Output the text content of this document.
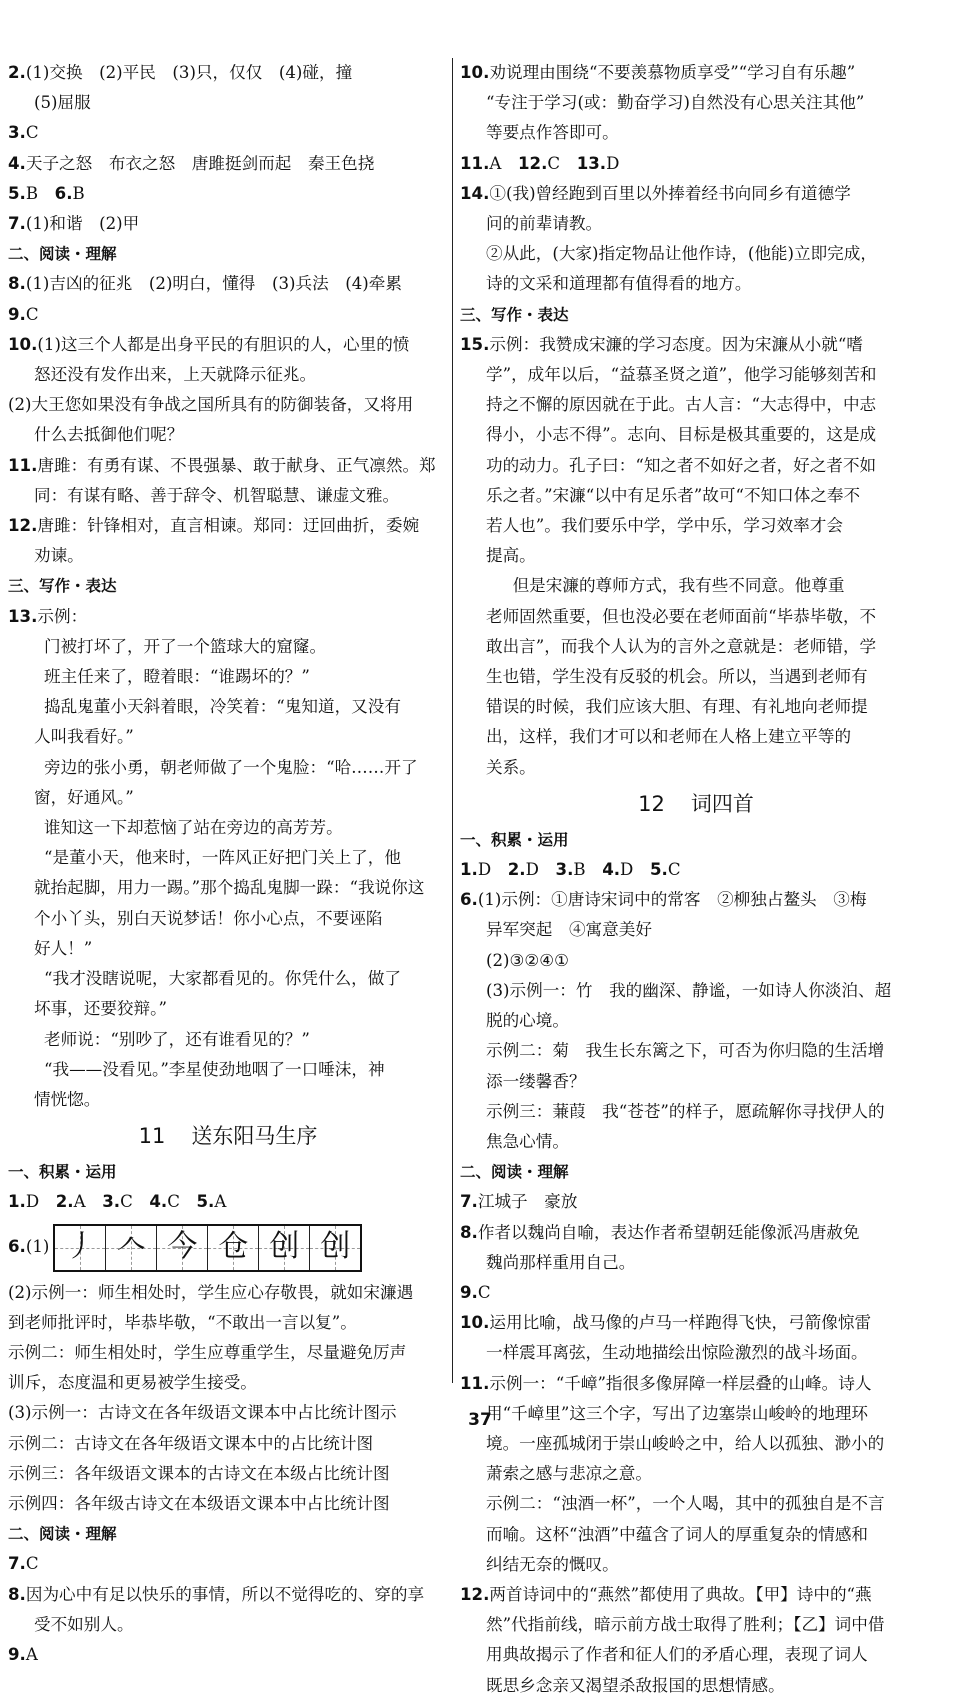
2.(1)交换　(2)平民　(3)只，仅仅　(4)碰，撞
(5)屈服
3.C
4.天子之怒　布衣之怒　唐雎挺剑而起　秦王色挠
5.B　6.B
7.(1)和谐　(2)甲
二、阅读・理解
8.(1)吉凶的征兆　(2)明白，懂得　(3)兵法　(4)牵累
9.C
10.(1)这三个人都是出身平民的有胆识的人，心里的愤
怒还没有发作出来，上天就降示征兆。
(2)大王您如果没有争战之国所具有的防御装备，又将用
什么去抵御他们呢？
11.唐雎：有勇有谋、不畏强暴、敢于献身、正气凛然。郑
同：有谋有略、善于辞令、机智聪慧、谦虚文雅。
12.唐雎：针锋相对，直言相谏。郑同：迂回曲折，委婉
劝谏。
三、写作・表达
13.示例：
门被打坏了，开了一个篮球大的窟窿。
班主任来了，瞪着眼：“谁踢坏的？”
捣乱鬼董小天斜着眼，冷笑着：“鬼知道，又没有
人叫我看好。”
旁边的张小勇，朝老师做了一个鬼脸：“哈……开了
窗，好通风。”
谁知这一下却惹恼了站在旁边的高芳芳。
“是董小天，他来时，一阵风正好把门关上了，他
就抬起脚，用力一踢。”那个捣乱鬼脚一跺：“我说你这
个小丫头，别白天说梦话！你小心点，不要诬陷
好人！”
“我才没瞎说呢，大家都看见的。你凭什么，做了
坏事，还要狡辩。”
老师说：“别吵了，还有谁看见的？”
“我——没看见。”李星使劲地咽了一口唾沫，神
情恍惚。
11 送东阳马生序
一、积累・运用
1.D　 2.A　 3.C　 4.C　 5.A
6. (1) 丿 𠆢 今 仓 创 创
(2)示例一：师生相处时，学生应心存敬畏，就如宋濂遇
到老师批评时，毕恭毕敬，“不敢出一言以复”。
示例二：师生相处时，学生应尊重学生，尽量避免厉声
训斥，态度温和更易被学生接受。
(3)示例一：古诗文在各年级语文课本中占比统计图示
示例二：古诗文在各年级语文课本中的占比统计图
示例三：各年级语文课本的古诗文在本级占比统计图
示例四：各年级古诗文在本级语文课本中占比统计图
二、阅读・理解
7.C
8.因为心中有足以快乐的事情，所以不觉得吃的、穿的享
受不如别人。
9.A
10.劝说理由围绕“不要羡慕物质享受”“学习自有乐趣”
“专注于学习(或：勤奋学习)自然没有心思关注其他”
等要点作答即可。
11.A　 12.C　 13.D
14.①(我)曾经跑到百里以外捧着经书向同乡有道德学
问的前辈请教。
②从此，(大家)指定物品让他作诗，(他能)立即完成，
诗的文采和道理都有值得看的地方。
三、写作・表达
15.示例：我赞成宋濂的学习态度。因为宋濂从小就“嗜
学”，成年以后，“益慕圣贤之道”，他学习能够刻苦和
持之不懈的原因就在于此。古人言：“大志得中，中志
得小，小志不得”。志向、目标是极其重要的，这是成
功的动力。孔子曰：“知之者不如好之者，好之者不如
乐之者。”宋濂“以中有足乐者”故可“不知口体之奉不
若人也”。我们要乐中学，学中乐，学习效率才会
提高。
　但是宋濂的尊师方式，我有些不同意。他尊重
老师固然重要，但也没必要在老师面前“毕恭毕敬，不
敢出言”，而我个人认为的言外之意就是：老师错，学
生也错，学生没有反驳的机会。所以，当遇到老师有
错误的时候，我们应该大胆、有理、有礼地向老师提
出，这样，我们才可以和老师在人格上建立平等的
关系。
12 词四首
一、积累・运用
1.D　 2.D　 3.B　 4.D　 5.C
6.(1)示例：①唐诗宋词中的常客　②柳独占鳌头　③梅
异军突起　④寓意美好
(2)③②④①
(3)示例一：竹　我的幽深、静谧，一如诗人你淡泊、超
脱的心境。
示例二：菊　我生长东篱之下，可否为你归隐的生活增
添一缕馨香？
示例三：蒹葭　我“苍苍”的样子，愿疏解你寻找伊人的
焦急心情。
二、阅读・理解
7.江城子　豪放
8.作者以魏尚自喻，表达作者希望朝廷能像派冯唐赦免
魏尚那样重用自己。
9.C
10.运用比喻，战马像的卢马一样跑得飞快，弓箭像惊雷
一样震耳离弦，生动地描绘出惊险激烈的战斗场面。
11.示例一：“千嶂”指很多像屏障一样层叠的山峰。诗人
用“千嶂里”这三个字，写出了边塞崇山峻岭的地理环
境。一座孤城闭于崇山峻岭之中，给人以孤独、渺小的
萧索之感与悲凉之意。
示例二：“浊酒一杯”，一个人喝，其中的孤独自是不言
而喻。这杯“浊酒”中蕴含了词人的厚重复杂的情感和
纠结无奈的慨叹。
12.两首诗词中的“燕然”都使用了典故。【甲】诗中的“燕
然”代指前线，暗示前方战士取得了胜利；【乙】词中借
用典故揭示了作者和征人们的矛盾心理，表现了词人
既思乡念亲又渴望杀敌报国的思想情感。
37
